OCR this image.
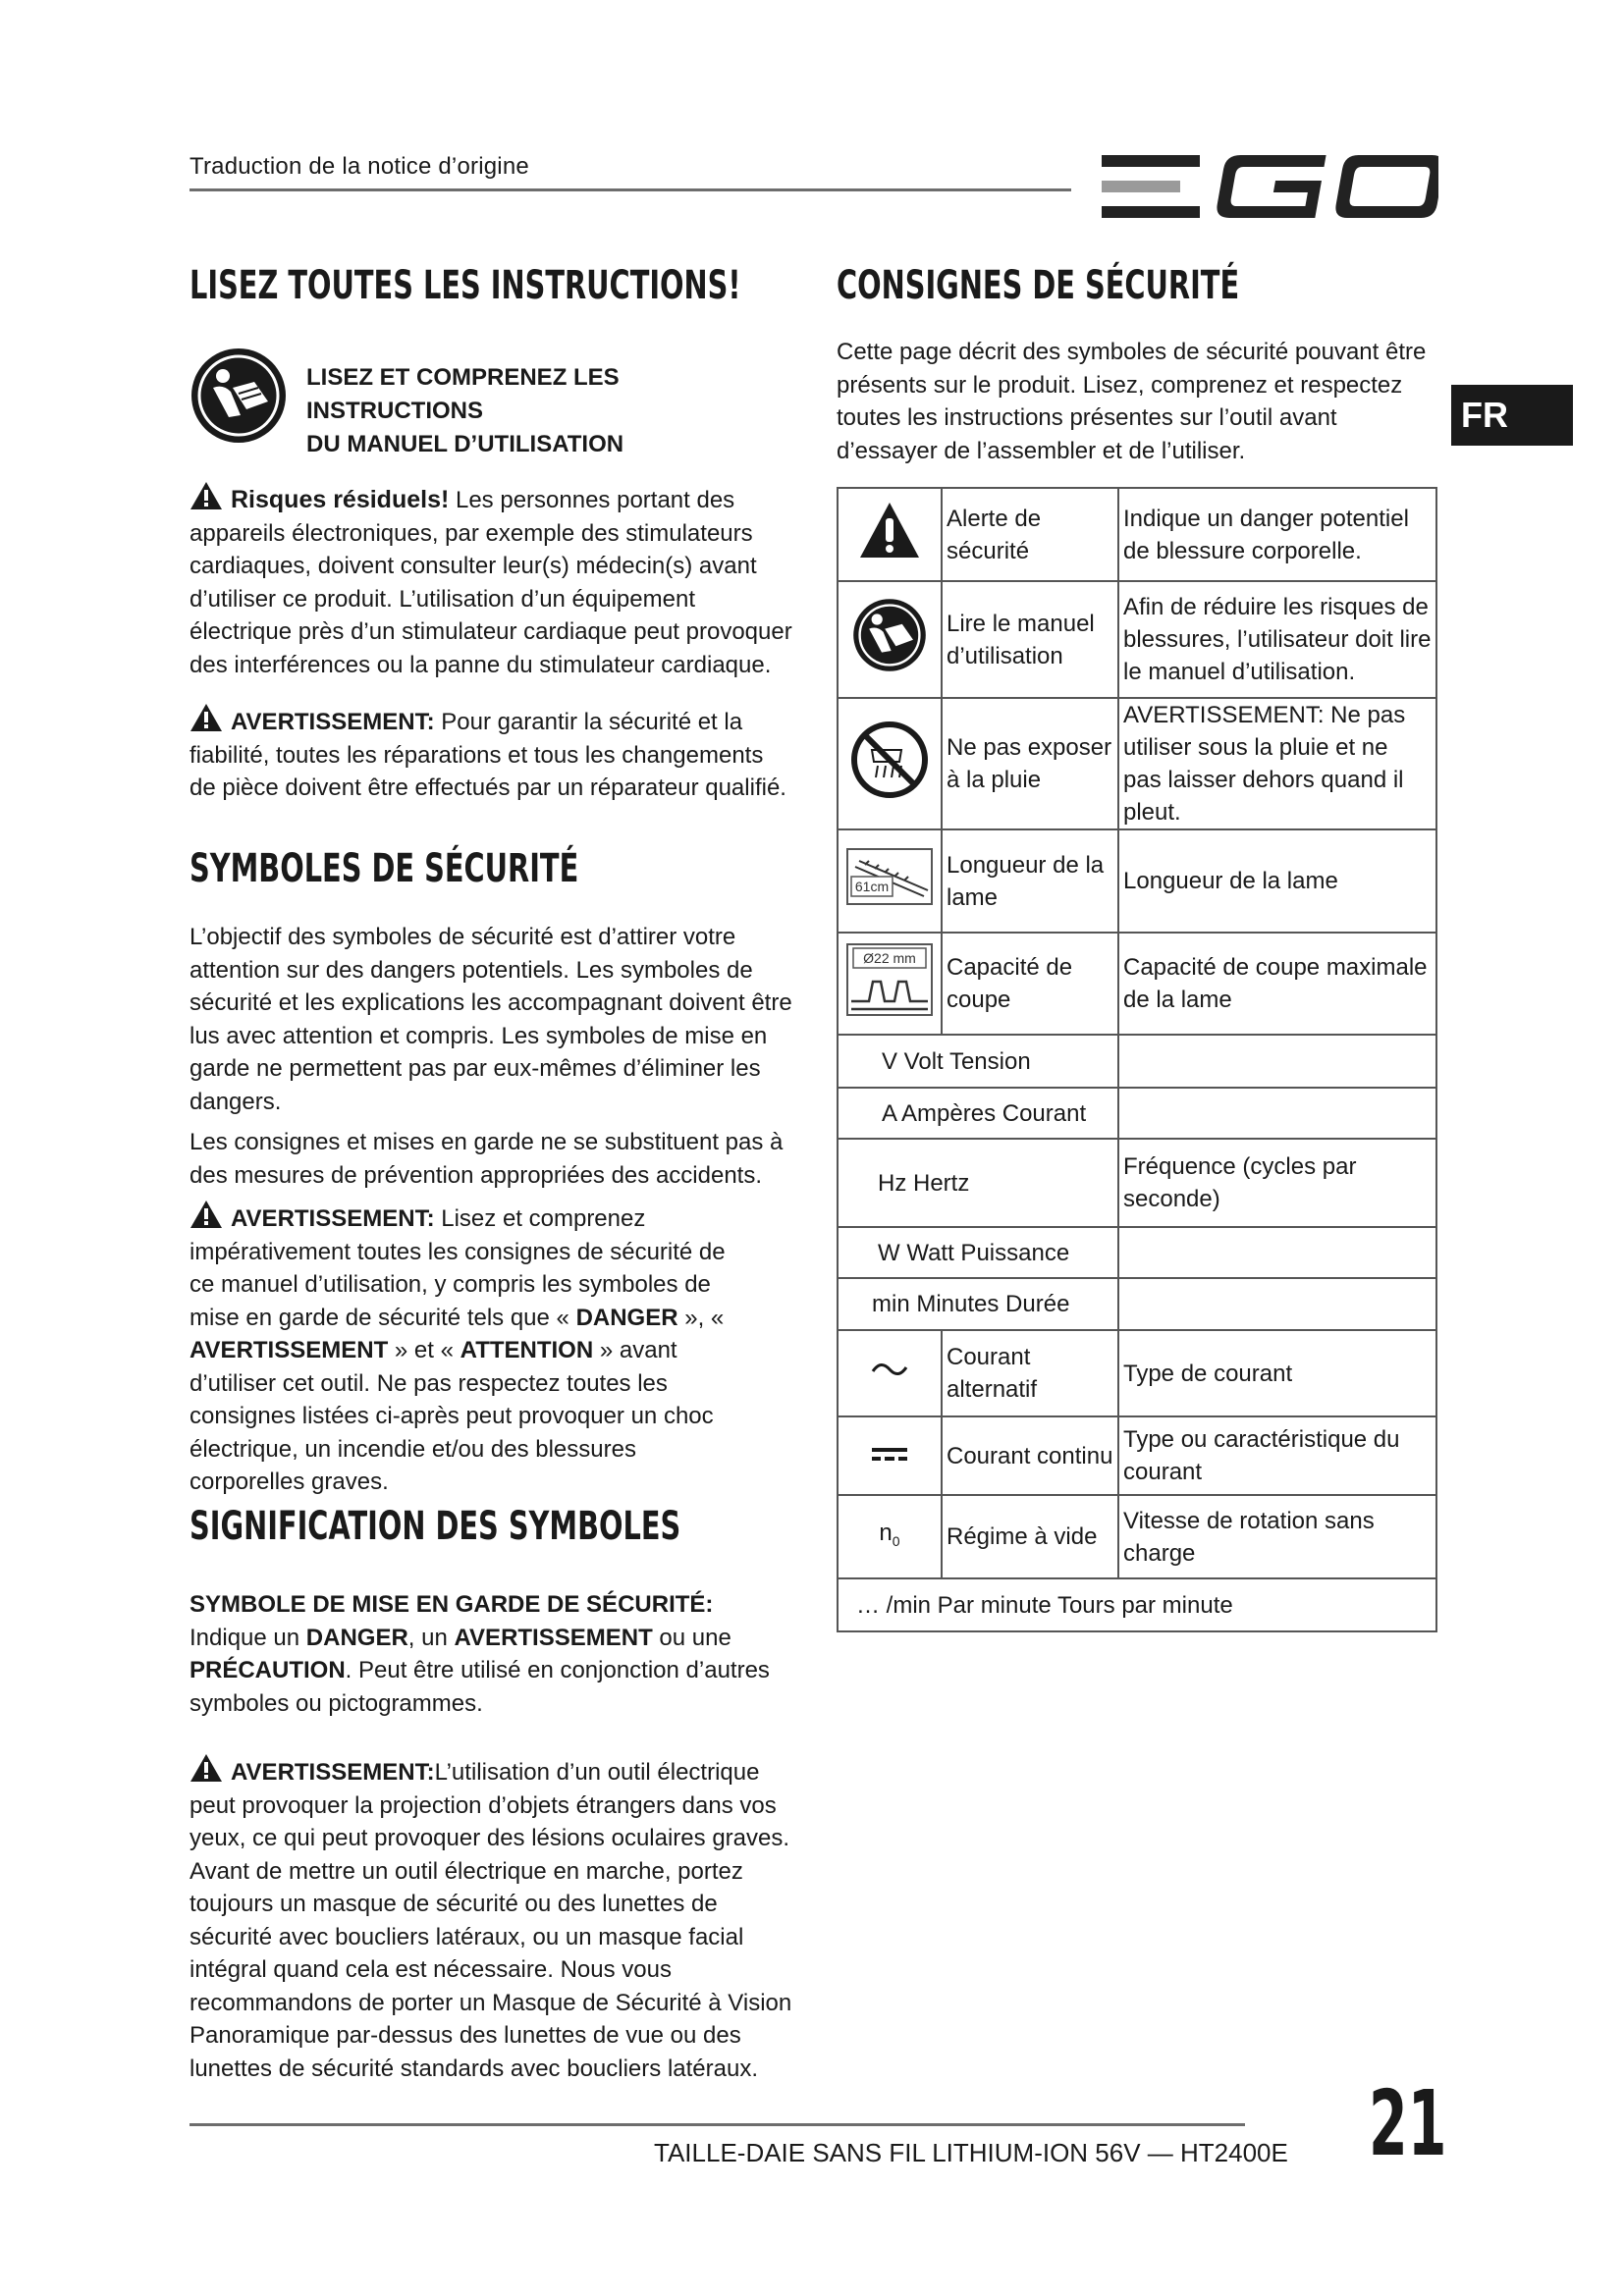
Traduction de la notice d’origine
FR
LISEZ TOUTES LES INSTRUCTIONS!
LISEZ ET COMPRENEZ LES INSTRUCTIONS
DU MANUEL D’UTILISATION
Risques résiduels! Les personnes portant des appareils électroniques, par exemple des stimulateurs cardiaques, doivent consulter leur(s) médecin(s) avant d’utiliser ce produit. L’utilisation d’un équipement électrique près d’un stimulateur cardiaque peut provoquer des interférences ou la panne du stimulateur cardiaque.
AVERTISSEMENT: Pour garantir la sécurité et la fiabilité, toutes les réparations et tous les changements de pièce doivent être effectués par un réparateur qualifié.
SYMBOLES DE SÉCURITÉ
L’objectif des symboles de sécurité est d’attirer votre attention sur des dangers potentiels. Les symboles de sécurité et les explications les accompagnant doivent être lus avec attention et compris. Les symboles de mise en garde ne permettent pas par eux-mêmes d’éliminer les dangers.
Les consignes et mises en garde ne se substituent pas à des mesures de prévention appropriées des accidents.
AVERTISSEMENT: Lisez et comprenez impérativement toutes les consignes de sécurité de ce manuel d’utilisation, y compris les symboles de mise en garde de sécurité tels que « DANGER », « AVERTISSEMENT » et « ATTENTION » avant d’utiliser cet outil. Ne pas respectez toutes les consignes listées ci-après peut provoquer un choc électrique, un incendie et/ou des blessures corporelles graves.
SIGNIFICATION DES SYMBOLES
SYMBOLE DE MISE EN GARDE DE SÉCURITÉ:
Indique un DANGER, un AVERTISSEMENT ou une PRÉCAUTION. Peut être utilisé en conjonction d’autres symboles ou pictogrammes.
AVERTISSEMENT:L’utilisation d’un outil électrique peut provoquer la projection d’objets étrangers dans vos yeux, ce qui peut provoquer des lésions oculaires graves. Avant de mettre un outil électrique en marche, portez toujours un masque de sécurité ou des lunettes de sécurité avec boucliers latéraux, ou un masque facial intégral quand cela est nécessaire. Nous vous recommandons de porter un Masque de Sécurité à Vision Panoramique par-dessus des lunettes de vue ou des lunettes de sécurité standards avec boucliers latéraux.
CONSIGNES DE SÉCURITÉ
Cette page décrit des symboles de sécurité pouvant être présents sur le produit. Lisez, comprenez et respectez toutes les instructions présentes sur l’outil avant d’essayer de l’assembler et de l’utiliser.
	Alerte de sécurité	Indique un danger potentiel de blessure corporelle.
	Lire le manuel d’utilisation	Afin de réduire les risques de blessures, l’utilisateur doit lire le manuel d’utilisation.
	Ne pas exposer à la pluie	AVERTISSEMENT: Ne pas utiliser sous la pluie et ne pas laisser dehors quand il pleut.

61cm	Longueur de la lame	Longueur de la lame

Ø22 mm	Capacité de coupe	Capacité de coupe maximale de la lame
V Volt Tension		
A Ampères Courant		
Hz Hertz		Fréquence (cycles par seconde)
W Watt Puissance		
min Minutes Durée		
	Courant alternatif	Type de courant
	Courant continu	Type ou caractéristique du courant
$n_0$	Régime à vide	Vitesse de rotation sans charge
… /min Par minute Tours par minute		
TAILLE-DAIE SANS FIL LITHIUM-ION 56V — HT2400E 21
